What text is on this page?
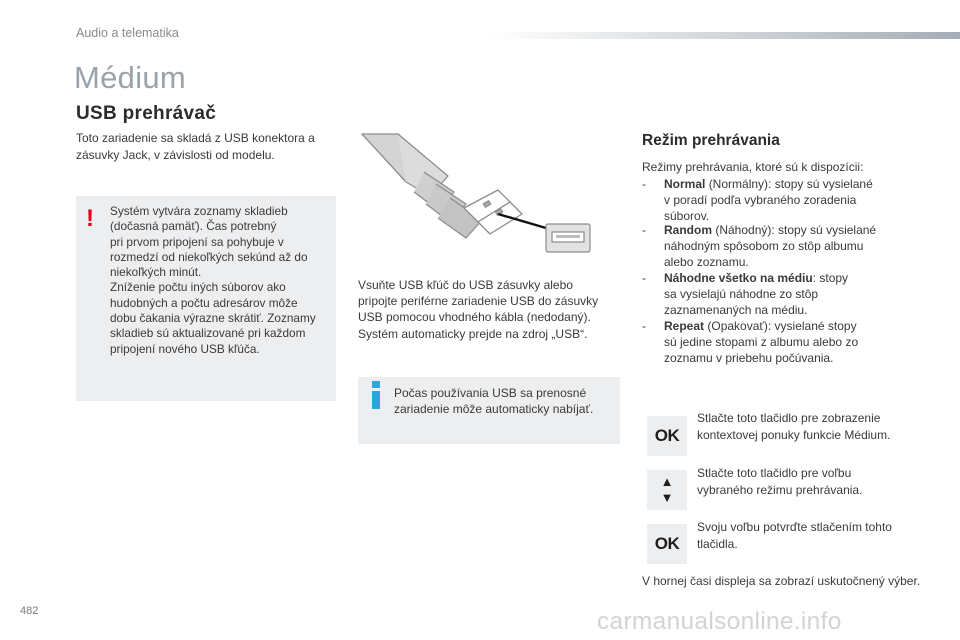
Audio a telematika
Médium
USB prehrávač
Toto zariadenie sa skladá z USB konektora a zásuvky Jack, v závislosti od modelu.
! Systém vytvára zoznamy skladieb
(dočasná pamäť). Čas potrebný
pri prvom pripojení sa pohybuje v
rozmedzí od niekoľkých sekúnd až do
niekoľkých minút.
Zníženie počtu iných súborov ako
hudobných a počtu adresárov môže
dobu čakania výrazne skrátiť. Zoznamy
skladieb sú aktualizované pri každom
pripojení nového USB kľúča.
Vsuňte USB kľúč do USB zásuvky alebo
pripojte periférne zariadenie USB do zásuvky
USB pomocou vhodného kábla (nedodaný).
Systém automaticky prejde na zdroj „USB“.
Počas používania USB sa prenosné zariadenie môže automaticky nabíjať.
Režim prehrávania
Režimy prehrávania, ktoré sú k dispozícii:
- Normal (Normálny): stopy sú vysielané
v poradí podľa vybraného zoradenia
súborov.
- Random (Náhodný): stopy sú vysielané
náhodným spôsobom zo stôp albumu
alebo zoznamu.
- Náhodne všetko na médiu: stopy
sa vysielajú náhodne zo stôp
zaznamenaných na médiu.
- Repeat (Opakovať): vysielané stopy
sú jedine stopami z albumu alebo zo
zoznamu v priebehu počúvania.
OK
Stlačte toto tlačidlo pre zobrazenie
kontextovej ponuky funkcie Médium.
▲
▼
Stlačte toto tlačidlo pre voľbu
vybraného režimu prehrávania.
OK
Svoju voľbu potvrďte stlačením tohto
tlačidla.
V hornej časi displeja sa zobrazí uskutočnený výber.
482	carmanualsonline.info
